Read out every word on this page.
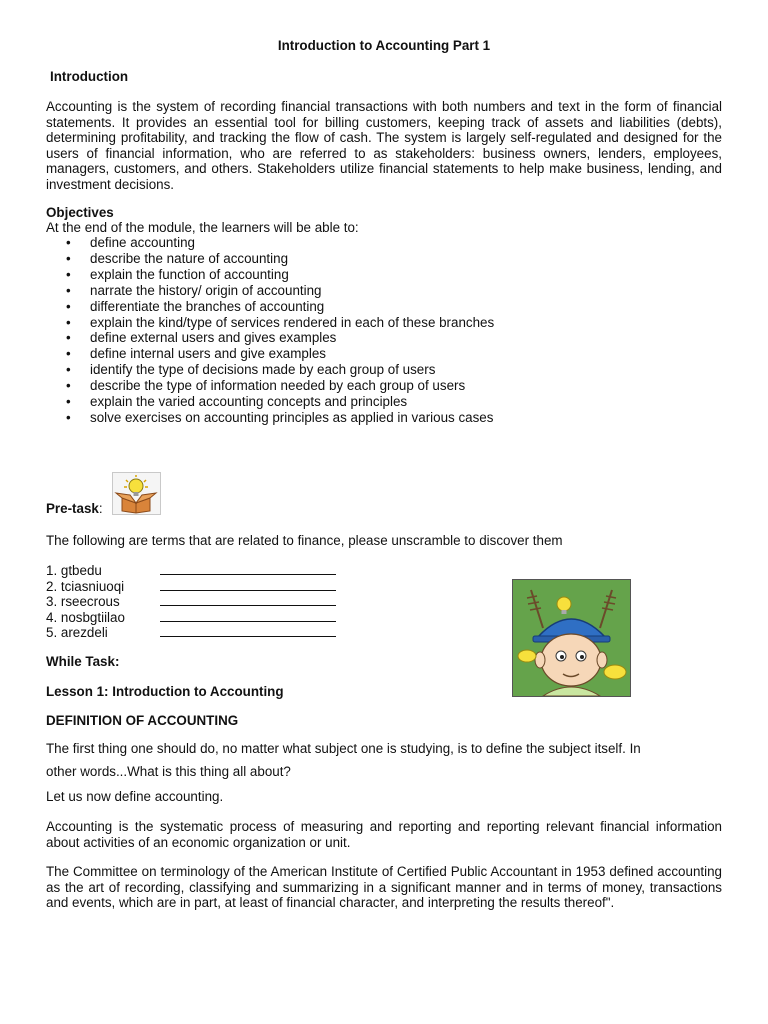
Introduction to Accounting Part 1
Introduction

Accounting is the system of recording financial transactions with both numbers and text in the form of financial statements. It provides an essential tool for billing customers, keeping track of assets and liabilities (debts), determining profitability, and tracking the flow of cash. The system is largely self-regulated and designed for the users of financial information, who are referred to as stakeholders: business owners, lenders, employees, managers, customers, and others. Stakeholders utilize financial statements to help make business, lending, and investment decisions.

Objectives
At the end of the module, the learners will be able to:
• define accounting
• describe the nature of accounting
• explain the function of accounting
• narrate the history/ origin of accounting
• differentiate the branches of accounting
• explain the kind/type of services rendered in each of these branches
• define external users and gives examples
• define internal users and give examples
• identify the type of decisions made by each group of users
• describe the type of information needed by each group of users
• explain the varied accounting concepts and principles
• solve exercises on accounting principles as applied in various cases
Pre-task:
The following are terms that are related to finance, please unscramble to discover them
1. gtbedu
2. tciasniuoqi
3. rseecrous
4. nosbgtiilao
5. arezdeli
While Task:
Lesson 1: Introduction to Accounting
DEFINITION OF ACCOUNTING
The first thing one should do, no matter what subject one is studying, is to define the subject itself. In
other words...What is this thing all about?
Let us now define accounting.

Accounting is the systematic process of measuring and reporting and reporting relevant financial information about activities of an economic organization or unit.

The Committee on terminology of the American Institute of Certified Public Accountant in 1953 defined accounting as the art of recording, classifying and summarizing in a significant manner and in terms of money, transactions and events, which are in part, at least of financial character, and interpreting the results thereof".
